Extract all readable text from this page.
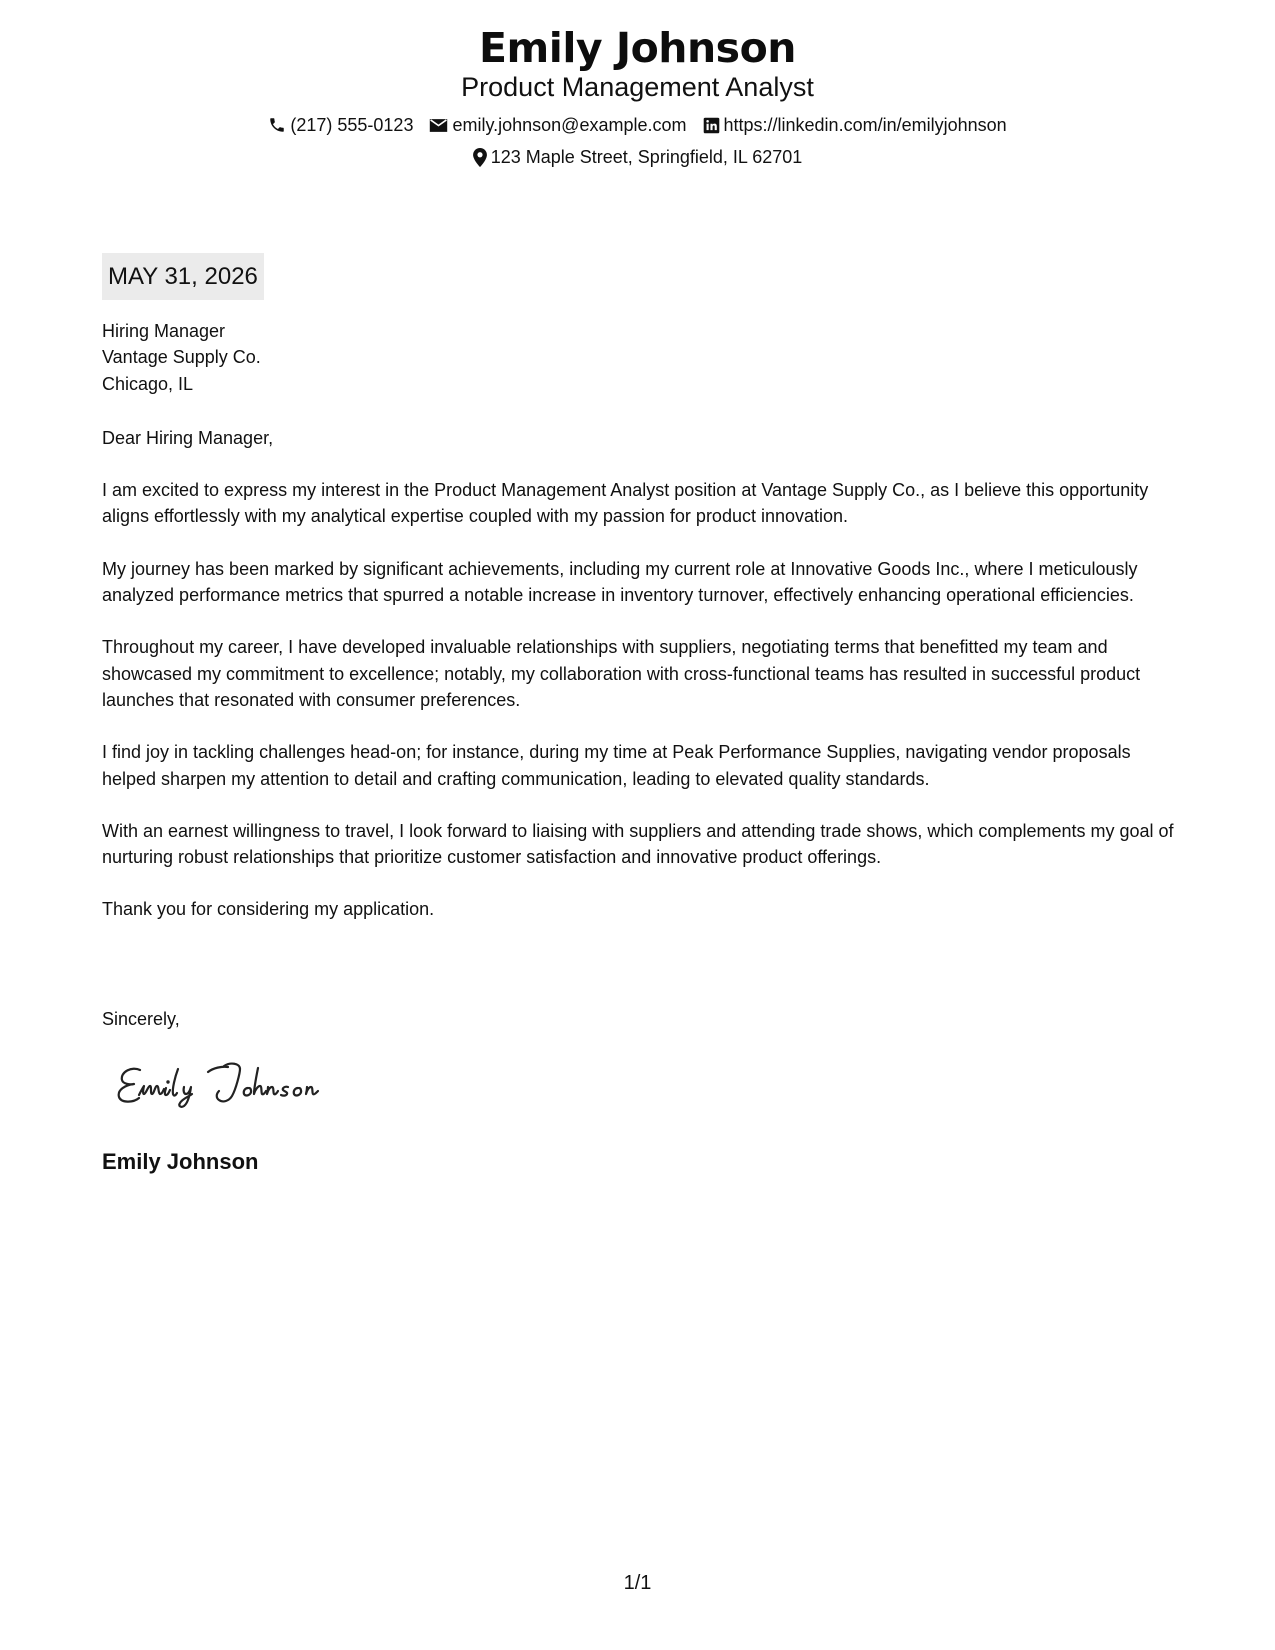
Emily Johnson
Product Management Analyst
(217) 555-0123 emily.johnson@example.com https://linkedin.com/in/emilyjohnson
123 Maple Street, Springfield, IL 62701
MAY 31, 2026
Hiring Manager
Vantage Supply Co.
Chicago, IL
Dear Hiring Manager,
I am excited to express my interest in the Product Management Analyst position at Vantage Supply Co., as I believe this opportunity aligns effortlessly with my analytical expertise coupled with my passion for product innovation.
My journey has been marked by significant achievements, including my current role at Innovative Goods Inc., where I meticulously analyzed performance metrics that spurred a notable increase in inventory turnover, effectively enhancing operational efficiencies.
Throughout my career, I have developed invaluable relationships with suppliers, negotiating terms that benefitted my team and showcased my commitment to excellence; notably, my collaboration with cross-functional teams has resulted in successful product launches that resonated with consumer preferences.
I find joy in tackling challenges head-on; for instance, during my time at Peak Performance Supplies, navigating vendor proposals helped sharpen my attention to detail and crafting communication, leading to elevated quality standards.
With an earnest willingness to travel, I look forward to liaising with suppliers and attending trade shows, which complements my goal of nurturing robust relationships that prioritize customer satisfaction and innovative product offerings.
Thank you for considering my application.
Sincerely,
Emily Johnson
1/1
